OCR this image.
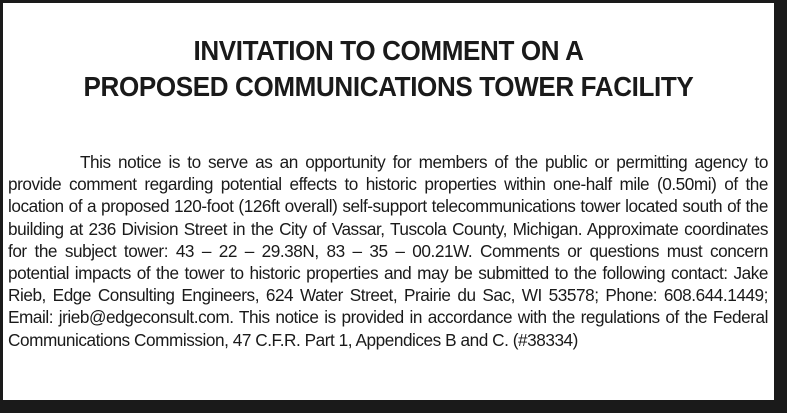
INVITATION TO COMMENT ON A
PROPOSED COMMUNICATIONS TOWER FACILITY

This notice is to serve as an opportunity for members of the public or permitting agency to provide comment regarding potential effects to historic properties within one-half mile (0.50mi) of the location of a proposed 120-foot (126ft overall) self-support telecommunications tower located south of the building at 236 Division Street in the City of Vassar, Tuscola County, Michigan. Approximate coordinates for the subject tower: 43 – 22 – 29.38N, 83 – 35 – 00.21W. Comments or questions must concern potential impacts of the tower to historic properties and may be submitted to the following contact: Jake Rieb, Edge Consulting Engineers, 624 Water Street, Prairie du Sac, WI 53578; Phone: 608.644.1449; Email: jrieb@edgeconsult.com. This notice is provided in accordance with the regulations of the Federal Communications Commission, 47 C.F.R. Part 1, Appendices B and C. (#38334)
